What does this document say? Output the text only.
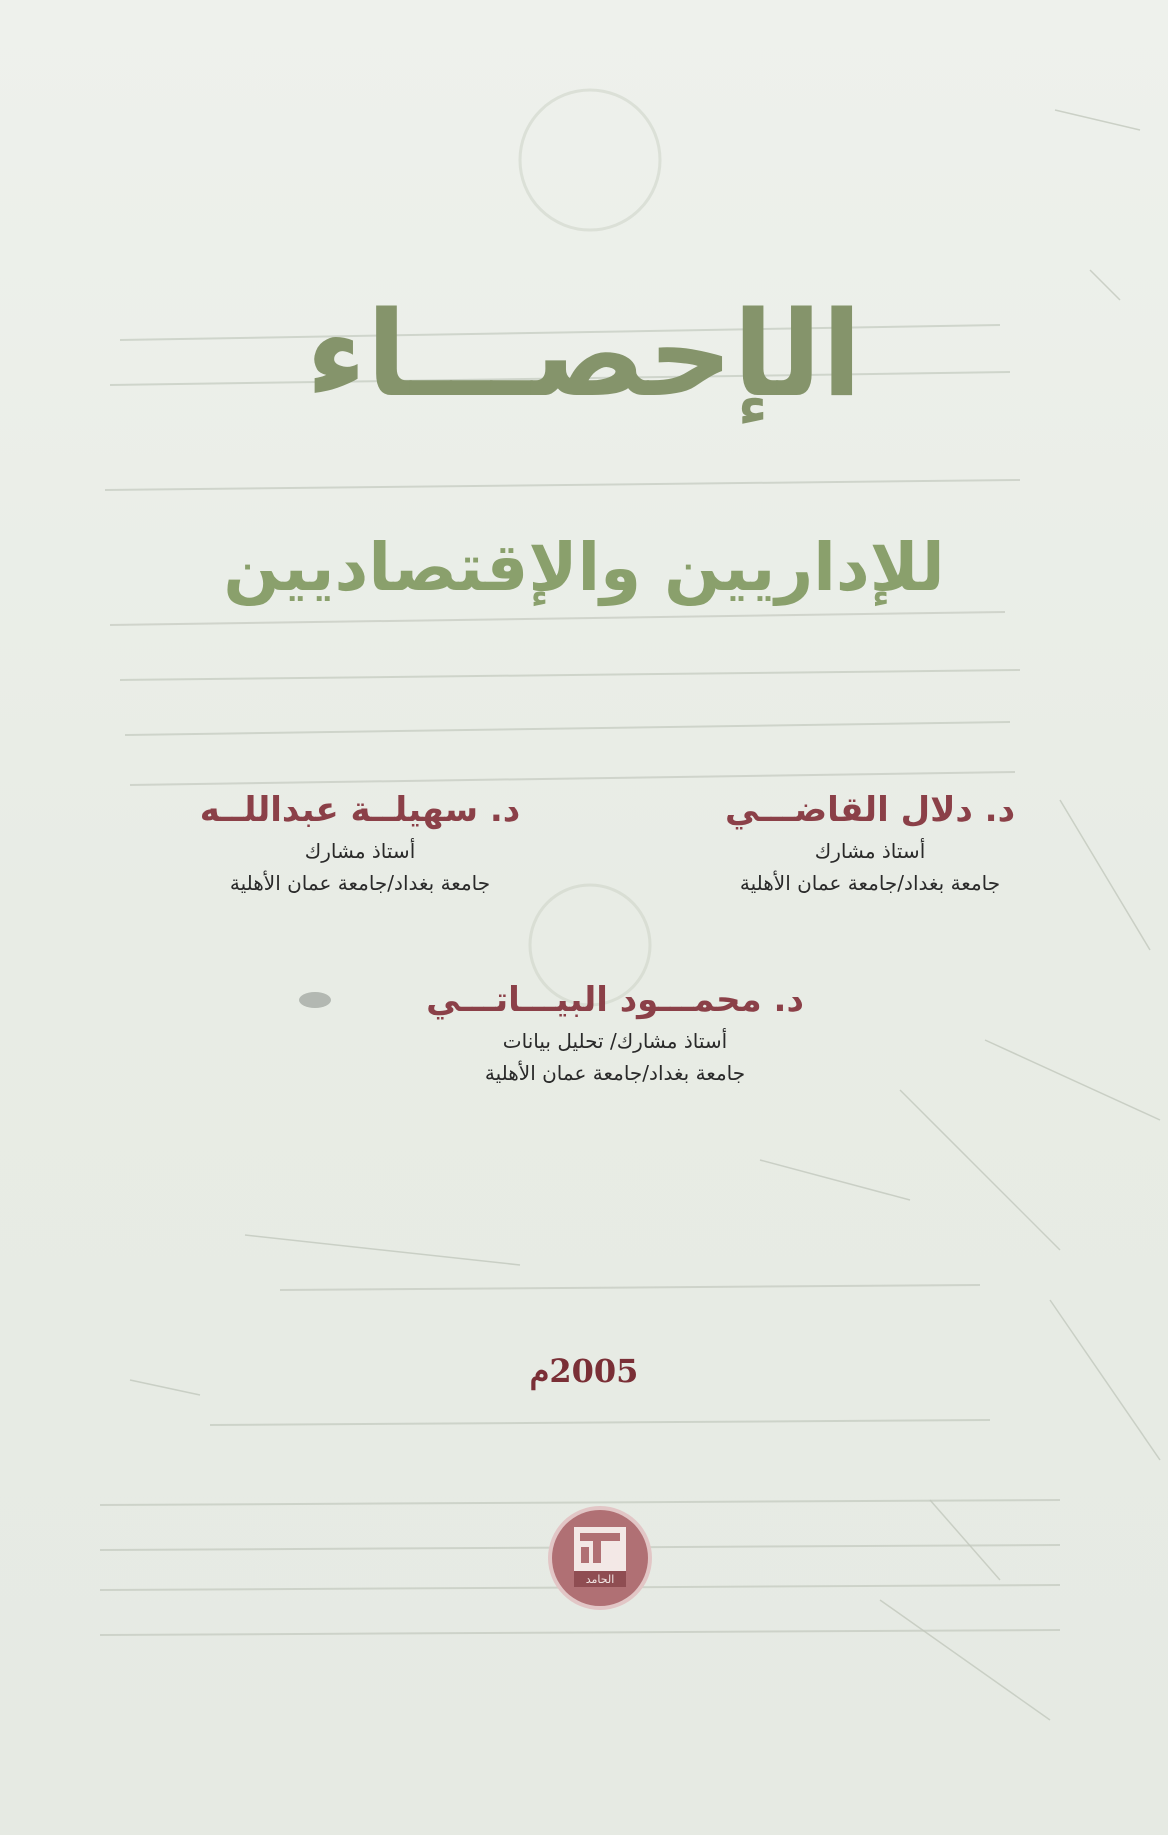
الإحصـــاء
للإداريين والإقتصاديين
د. دلال القاضـــي
أستاذ مشارك
جامعة بغداد/جامعة عمان الأهلية
د. سهيلــة عبداللــه
أستاذ مشارك
جامعة بغداد/جامعة عمان الأهلية
د. محمـــود البيـــاتـــي
أستاذ مشارك/ تحليل بيانات
جامعة بغداد/جامعة عمان الأهلية
2005م
الحامد
